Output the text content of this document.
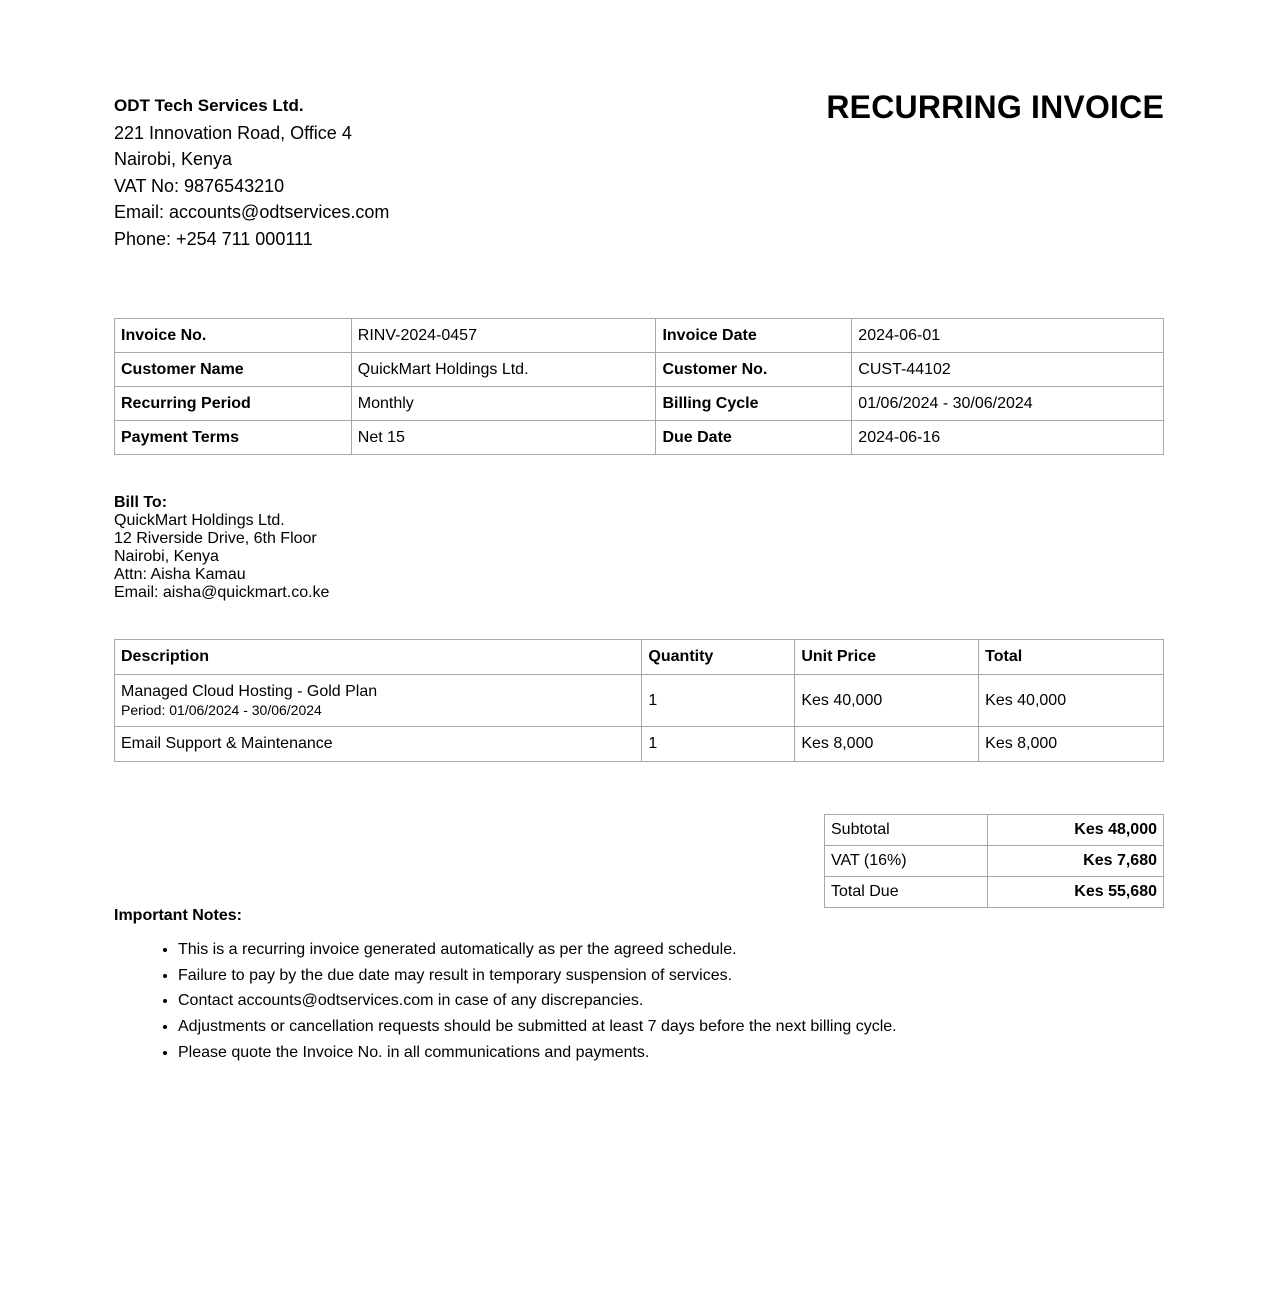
ODT Tech Services Ltd.
221 Innovation Road, Office 4
Nairobi, Kenya
VAT No: 9876543210
Email: accounts@odtservices.com
Phone: +254 711 000111
RECURRING INVOICE
Invoice No.	RINV-2024-0457	Invoice Date	2024-06-01
Customer Name	QuickMart Holdings Ltd.	Customer No.	CUST-44102
Recurring Period	Monthly	Billing Cycle	01/06/2024 - 30/06/2024
Payment Terms	Net 15	Due Date	2024-06-16
Bill To:
QuickMart Holdings Ltd.
12 Riverside Drive, 6th Floor
Nairobi, Kenya
Attn: Aisha Kamau
Email: aisha@quickmart.co.ke
Description	Quantity	Unit Price	Total
Managed Cloud Hosting - Gold Plan
Period: 01/06/2024 - 30/06/2024	1	Kes 40,000	Kes 40,000
Email Support & Maintenance	1	Kes 8,000	Kes 8,000
Subtotal	Kes 48,000
VAT (16%)	Kes 7,680
Total Due	Kes 55,680
Important Notes:
• This is a recurring invoice generated automatically as per the agreed schedule.
• Failure to pay by the due date may result in temporary suspension of services.
• Contact accounts@odtservices.com in case of any discrepancies.
• Adjustments or cancellation requests should be submitted at least 7 days before the next billing cycle.
• Please quote the Invoice No. in all communications and payments.
